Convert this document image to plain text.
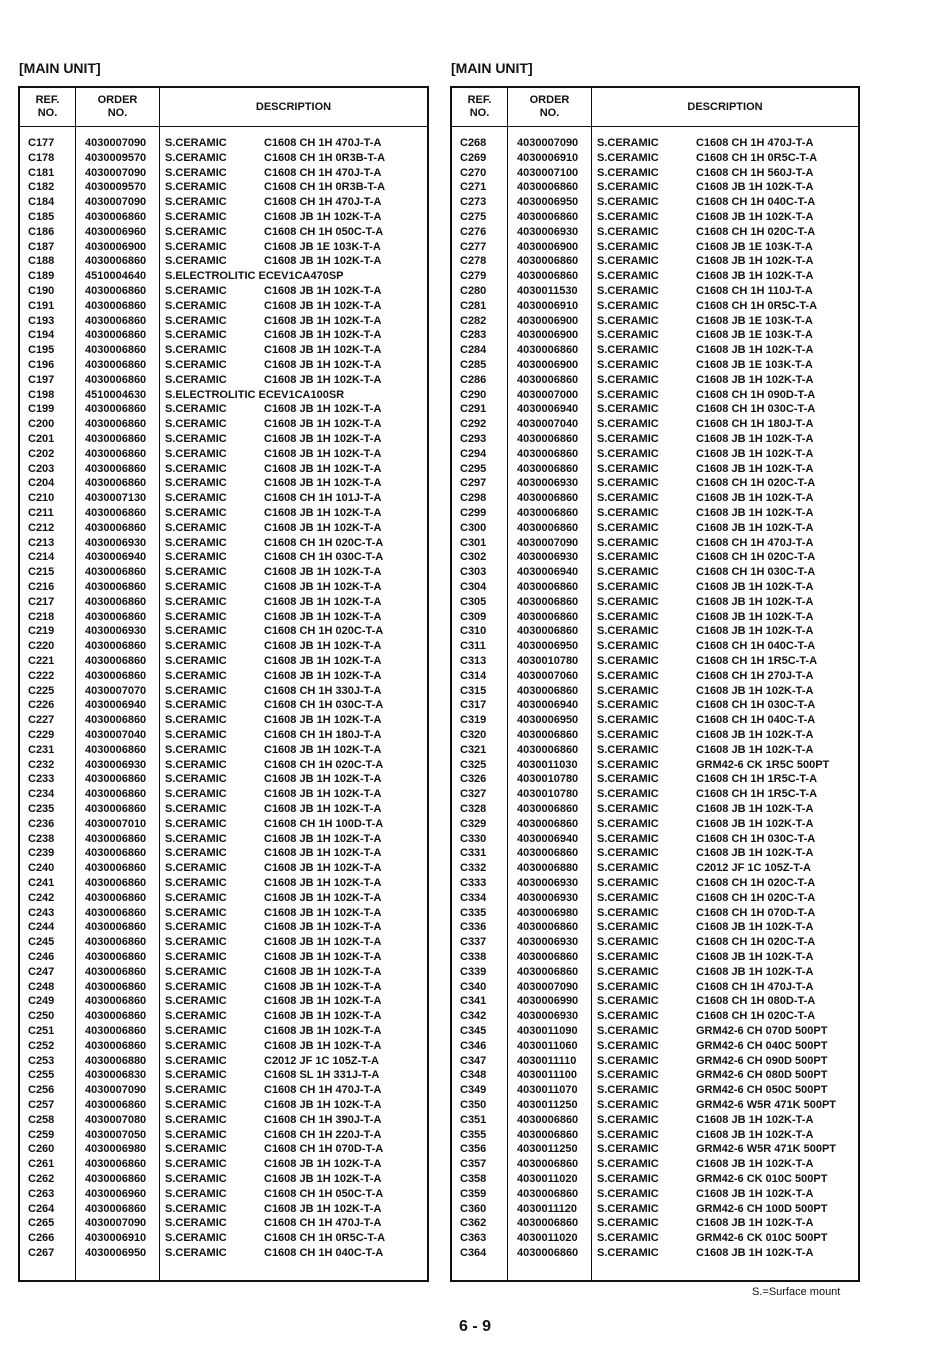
[MAIN UNIT]	[MAIN UNIT]
REF.
NO.
ORDER
NO.
DESCRIPTION
C177	4030007090 S.CERAMIC	C1608 CH 1H 470J-T-A
C178	4030009570 S.CERAMIC	C1608 CH 1H 0R3B-T-A
C181	4030007090 S.CERAMIC	C1608 CH 1H 470J-T-A
C182	4030009570 S.CERAMIC	C1608 CH 1H 0R3B-T-A
C184	4030007090 S.CERAMIC	C1608 CH 1H 470J-T-A
C185	4030006860 S.CERAMIC	C1608 JB 1H 102K-T-A
C186	4030006960 S.CERAMIC	C1608 CH 1H 050C-T-A
C187	4030006900 S.CERAMIC	C1608 JB 1E 103K-T-A
C188	4030006860 S.CERAMIC	C1608 JB 1H 102K-T-A
C189	4510004640 S.ELECTROLITIC ECEV1CA470SP
C190	4030006860 S.CERAMIC	C1608 JB 1H 102K-T-A
C191	4030006860 S.CERAMIC	C1608 JB 1H 102K-T-A
C193	4030006860 S.CERAMIC	C1608 JB 1H 102K-T-A
C194	4030006860 S.CERAMIC	C1608 JB 1H 102K-T-A
C195	4030006860 S.CERAMIC	C1608 JB 1H 102K-T-A
C196	4030006860 S.CERAMIC	C1608 JB 1H 102K-T-A
C197	4030006860 S.CERAMIC	C1608 JB 1H 102K-T-A
C198	4510004630 S.ELECTROLITIC ECEV1CA100SR
C199	4030006860 S.CERAMIC	C1608 JB 1H 102K-T-A
C200	4030006860 S.CERAMIC	C1608 JB 1H 102K-T-A
C201	4030006860 S.CERAMIC	C1608 JB 1H 102K-T-A
C202	4030006860 S.CERAMIC	C1608 JB 1H 102K-T-A
C203	4030006860 S.CERAMIC	C1608 JB 1H 102K-T-A
C204	4030006860 S.CERAMIC	C1608 JB 1H 102K-T-A
C210	4030007130 S.CERAMIC	C1608 CH 1H 101J-T-A
C211	4030006860 S.CERAMIC	C1608 JB 1H 102K-T-A
C212	4030006860 S.CERAMIC	C1608 JB 1H 102K-T-A
C213	4030006930 S.CERAMIC	C1608 CH 1H 020C-T-A
C214	4030006940 S.CERAMIC	C1608 CH 1H 030C-T-A
C215	4030006860 S.CERAMIC	C1608 JB 1H 102K-T-A
C216	4030006860 S.CERAMIC	C1608 JB 1H 102K-T-A
C217	4030006860 S.CERAMIC	C1608 JB 1H 102K-T-A
C218	4030006860 S.CERAMIC	C1608 JB 1H 102K-T-A
C219	4030006930 S.CERAMIC	C1608 CH 1H 020C-T-A
C220	4030006860 S.CERAMIC	C1608 JB 1H 102K-T-A
C221	4030006860 S.CERAMIC	C1608 JB 1H 102K-T-A
C222	4030006860 S.CERAMIC	C1608 JB 1H 102K-T-A
C225	4030007070 S.CERAMIC	C1608 CH 1H 330J-T-A
C226	4030006940 S.CERAMIC	C1608 CH 1H 030C-T-A
C227	4030006860 S.CERAMIC	C1608 JB 1H 102K-T-A
C229	4030007040 S.CERAMIC	C1608 CH 1H 180J-T-A
C231	4030006860 S.CERAMIC	C1608 JB 1H 102K-T-A
C232	4030006930 S.CERAMIC	C1608 CH 1H 020C-T-A
C233	4030006860 S.CERAMIC	C1608 JB 1H 102K-T-A
C234	4030006860 S.CERAMIC	C1608 JB 1H 102K-T-A
C235	4030006860 S.CERAMIC	C1608 JB 1H 102K-T-A
C236	4030007010 S.CERAMIC	C1608 CH 1H 100D-T-A
C238	4030006860 S.CERAMIC	C1608 JB 1H 102K-T-A
C239	4030006860 S.CERAMIC	C1608 JB 1H 102K-T-A
C240	4030006860 S.CERAMIC	C1608 JB 1H 102K-T-A
C241	4030006860 S.CERAMIC	C1608 JB 1H 102K-T-A
C242	4030006860 S.CERAMIC	C1608 JB 1H 102K-T-A
C243	4030006860 S.CERAMIC	C1608 JB 1H 102K-T-A
C244	4030006860 S.CERAMIC	C1608 JB 1H 102K-T-A
C245	4030006860 S.CERAMIC	C1608 JB 1H 102K-T-A
C246	4030006860 S.CERAMIC	C1608 JB 1H 102K-T-A
C247	4030006860 S.CERAMIC	C1608 JB 1H 102K-T-A
C248	4030006860 S.CERAMIC	C1608 JB 1H 102K-T-A
C249	4030006860 S.CERAMIC	C1608 JB 1H 102K-T-A
C250	4030006860 S.CERAMIC	C1608 JB 1H 102K-T-A
C251	4030006860 S.CERAMIC	C1608 JB 1H 102K-T-A
C252	4030006860 S.CERAMIC	C1608 JB 1H 102K-T-A
C253	4030006880 S.CERAMIC	C2012 JF 1C 105Z-T-A
C255	4030006830 S.CERAMIC	C1608 SL 1H 331J-T-A
C256	4030007090 S.CERAMIC	C1608 CH 1H 470J-T-A
C257	4030006860 S.CERAMIC	C1608 JB 1H 102K-T-A
C258	4030007080 S.CERAMIC	C1608 CH 1H 390J-T-A
C259	4030007050 S.CERAMIC	C1608 CH 1H 220J-T-A
C260	4030006980 S.CERAMIC	C1608 CH 1H 070D-T-A
C261	4030006860 S.CERAMIC	C1608 JB 1H 102K-T-A
C262	4030006860 S.CERAMIC	C1608 JB 1H 102K-T-A
C263	4030006960 S.CERAMIC	C1608 CH 1H 050C-T-A
C264	4030006860 S.CERAMIC	C1608 JB 1H 102K-T-A
C265	4030007090 S.CERAMIC	C1608 CH 1H 470J-T-A
C266	4030006910 S.CERAMIC	C1608 CH 1H 0R5C-T-A
C267	4030006950 S.CERAMIC	C1608 CH 1H 040C-T-A
REF.
NO.
ORDER
NO.
DESCRIPTION
C268	4030007090 S.CERAMIC	C1608 CH 1H 470J-T-A
C269	4030006910 S.CERAMIC	C1608 CH 1H 0R5C-T-A
C270	4030007100 S.CERAMIC	C1608 CH 1H 560J-T-A
C271	4030006860 S.CERAMIC	C1608 JB 1H 102K-T-A
C273	4030006950 S.CERAMIC	C1608 CH 1H 040C-T-A
C275	4030006860 S.CERAMIC	C1608 JB 1H 102K-T-A
C276	4030006930 S.CERAMIC	C1608 CH 1H 020C-T-A
C277	4030006900 S.CERAMIC	C1608 JB 1E 103K-T-A
C278	4030006860 S.CERAMIC	C1608 JB 1H 102K-T-A
C279	4030006860 S.CERAMIC	C1608 JB 1H 102K-T-A
C280	4030011530 S.CERAMIC	C1608 CH 1H 110J-T-A
C281	4030006910 S.CERAMIC	C1608 CH 1H 0R5C-T-A
C282	4030006900 S.CERAMIC	C1608 JB 1E 103K-T-A
C283	4030006900 S.CERAMIC	C1608 JB 1E 103K-T-A
C284	4030006860 S.CERAMIC	C1608 JB 1H 102K-T-A
C285	4030006900 S.CERAMIC	C1608 JB 1E 103K-T-A
C286	4030006860 S.CERAMIC	C1608 JB 1H 102K-T-A
C290	4030007000 S.CERAMIC	C1608 CH 1H 090D-T-A
C291	4030006940 S.CERAMIC	C1608 CH 1H 030C-T-A
C292	4030007040 S.CERAMIC	C1608 CH 1H 180J-T-A
C293	4030006860 S.CERAMIC	C1608 JB 1H 102K-T-A
C294	4030006860 S.CERAMIC	C1608 JB 1H 102K-T-A
C295	4030006860 S.CERAMIC	C1608 JB 1H 102K-T-A
C297	4030006930 S.CERAMIC	C1608 CH 1H 020C-T-A
C298	4030006860 S.CERAMIC	C1608 JB 1H 102K-T-A
C299	4030006860 S.CERAMIC	C1608 JB 1H 102K-T-A
C300	4030006860 S.CERAMIC	C1608 JB 1H 102K-T-A
C301	4030007090 S.CERAMIC	C1608 CH 1H 470J-T-A
C302	4030006930 S.CERAMIC	C1608 CH 1H 020C-T-A
C303	4030006940 S.CERAMIC	C1608 CH 1H 030C-T-A
C304	4030006860 S.CERAMIC	C1608 JB 1H 102K-T-A
C305	4030006860 S.CERAMIC	C1608 JB 1H 102K-T-A
C309	4030006860 S.CERAMIC	C1608 JB 1H 102K-T-A
C310	4030006860 S.CERAMIC	C1608 JB 1H 102K-T-A
C311	4030006950 S.CERAMIC	C1608 CH 1H 040C-T-A
C313	4030010780 S.CERAMIC	C1608 CH 1H 1R5C-T-A
C314	4030007060 S.CERAMIC	C1608 CH 1H 270J-T-A
C315	4030006860 S.CERAMIC	C1608 JB 1H 102K-T-A
C317	4030006940 S.CERAMIC	C1608 CH 1H 030C-T-A
C319	4030006950 S.CERAMIC	C1608 CH 1H 040C-T-A
C320	4030006860 S.CERAMIC	C1608 JB 1H 102K-T-A
C321	4030006860 S.CERAMIC	C1608 JB 1H 102K-T-A
C325	4030011030 S.CERAMIC	GRM42-6 CK 1R5C 500PT
C326	4030010780 S.CERAMIC	C1608 CH 1H 1R5C-T-A
C327	4030010780 S.CERAMIC	C1608 CH 1H 1R5C-T-A
C328	4030006860 S.CERAMIC	C1608 JB 1H 102K-T-A
C329	4030006860 S.CERAMIC	C1608 JB 1H 102K-T-A
C330	4030006940 S.CERAMIC	C1608 CH 1H 030C-T-A
C331	4030006860 S.CERAMIC	C1608 JB 1H 102K-T-A
C332	4030006880 S.CERAMIC	C2012 JF 1C 105Z-T-A
C333	4030006930 S.CERAMIC	C1608 CH 1H 020C-T-A
C334	4030006930 S.CERAMIC	C1608 CH 1H 020C-T-A
C335	4030006980 S.CERAMIC	C1608 CH 1H 070D-T-A
C336	4030006860 S.CERAMIC	C1608 JB 1H 102K-T-A
C337	4030006930 S.CERAMIC	C1608 CH 1H 020C-T-A
C338	4030006860 S.CERAMIC	C1608 JB 1H 102K-T-A
C339	4030006860 S.CERAMIC	C1608 JB 1H 102K-T-A
C340	4030007090 S.CERAMIC	C1608 CH 1H 470J-T-A
C341	4030006990 S.CERAMIC	C1608 CH 1H 080D-T-A
C342	4030006930 S.CERAMIC	C1608 CH 1H 020C-T-A
C345	4030011090 S.CERAMIC	GRM42-6 CH 070D 500PT
C346	4030011060 S.CERAMIC	GRM42-6 CH 040C 500PT
C347	4030011110 S.CERAMIC	GRM42-6 CH 090D 500PT
C348	4030011100 S.CERAMIC	GRM42-6 CH 080D 500PT
C349	4030011070 S.CERAMIC	GRM42-6 CH 050C 500PT
C350	4030011250 S.CERAMIC	GRM42-6 W5R 471K 500PT
C351	4030006860 S.CERAMIC	C1608 JB 1H 102K-T-A
C355	4030006860 S.CERAMIC	C1608 JB 1H 102K-T-A
C356	4030011250 S.CERAMIC	GRM42-6 W5R 471K 500PT
C357	4030006860 S.CERAMIC	C1608 JB 1H 102K-T-A
C358	4030011020 S.CERAMIC	GRM42-6 CK 010C 500PT
C359	4030006860 S.CERAMIC	C1608 JB 1H 102K-T-A
C360	4030011120 S.CERAMIC	GRM42-6 CH 100D 500PT
C362	4030006860 S.CERAMIC	C1608 JB 1H 102K-T-A
C363	4030011020 S.CERAMIC	GRM42-6 CK 010C 500PT
C364	4030006860 S.CERAMIC	C1608 JB 1H 102K-T-A
S.=Surface mount
6 - 9
